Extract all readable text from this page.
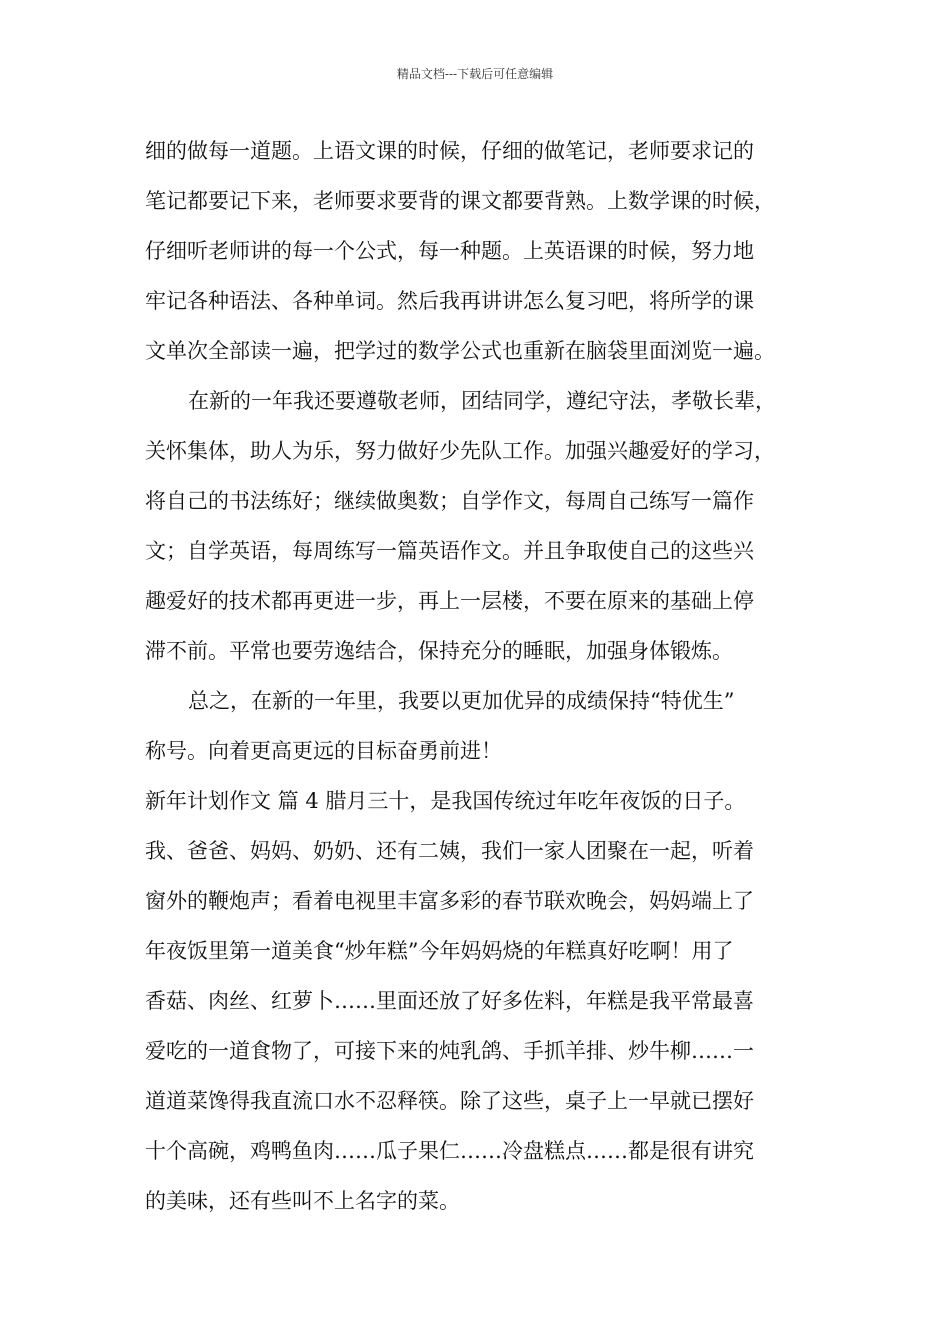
精品文档---下载后可任意编辑
细的做每一道题。上语文课的时候，仔细的做笔记，老师要求记的
笔记都要记下来，老师要求要背的课文都要背熟。上数学课的时候，
仔细听老师讲的每一个公式，每一种题。上英语课的时候，努力地
牢记各种语法、各种单词。然后我再讲讲怎么复习吧，将所学的课
文单次全部读一遍，把学过的数学公式也重新在脑袋里面浏览一遍。
在新的一年我还要遵敬老师，团结同学，遵纪守法，孝敬长辈，
关怀集体，助人为乐，努力做好少先队工作。加强兴趣爱好的学习，
将自己的书法练好；继续做奥数；自学作文，每周自己练写一篇作
文；自学英语，每周练写一篇英语作文。并且争取使自己的这些兴
趣爱好的技术都再更进一步，再上一层楼，不要在原来的基础上停
滞不前。平常也要劳逸结合，保持充分的睡眠，加强身体锻炼。
总之，在新的一年里，我要以更加优异的成绩保持“特优生”
称号。向着更高更远的目标奋勇前进！
新年计划作文 篇 4 腊月三十，是我国传统过年吃年夜饭的日子。
我、爸爸、妈妈、奶奶、还有二姨，我们一家人团聚在一起，听着
窗外的鞭炮声；看着电视里丰富多彩的春节联欢晚会，妈妈端上了
年夜饭里第一道美食“炒年糕”今年妈妈烧的年糕真好吃啊！用了
香菇、肉丝、红萝卜……里面还放了好多佐料，年糕是我平常最喜
爱吃的一道食物了，可接下来的炖乳鸽、手抓羊排、炒牛柳……一
道道菜馋得我直流口水不忍释筷。除了这些，桌子上一早就已摆好
十个高碗，鸡鸭鱼肉……瓜子果仁……冷盘糕点……都是很有讲究
的美味，还有些叫不上名字的菜。
